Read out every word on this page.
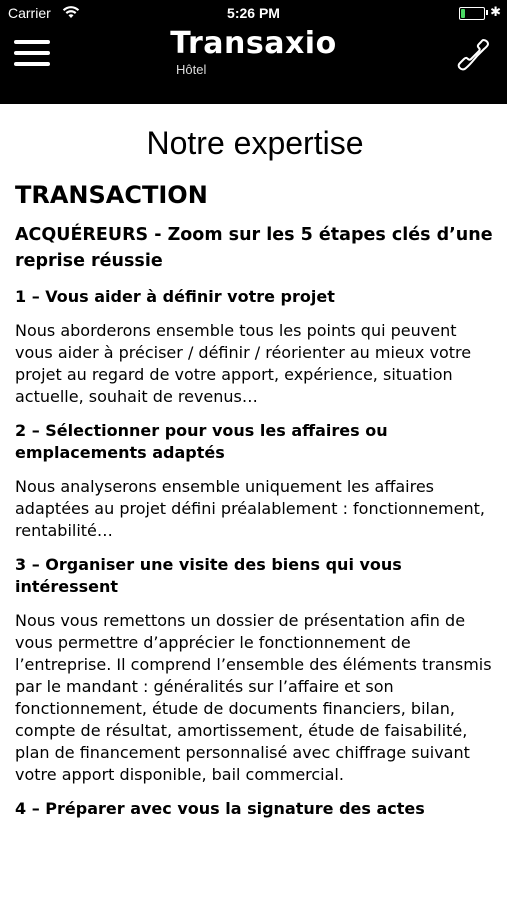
Carrier	5:26 PM	✱
Transaxio
Hôtel
Notre expertise
TRANSACTION
ACQUÉREURS - Zoom sur les 5 étapes clés d’une reprise réussie
1 – Vous aider à définir votre projet
Nous aborderons ensemble tous les points qui peuvent vous aider à préciser / définir / réorienter au mieux votre projet au regard de votre apport, expérience, situation actuelle, souhait de revenus…
2 – Sélectionner pour vous les affaires ou emplacements adaptés
Nous analyserons ensemble uniquement les affaires adaptées au projet défini préalablement : fonctionnement, rentabilité…
3 – Organiser une visite des biens qui vous intéressent
Nous vous remettons un dossier de présentation afin de vous permettre d’apprécier le fonctionnement de l’entreprise. Il comprend l’ensemble des éléments transmis par le mandant : généralités sur l’affaire et son fonctionnement, étude de documents financiers, bilan, compte de résultat, amortissement, étude de faisabilité, plan de financement personnalisé avec chiffrage suivant votre apport disponible, bail commercial.
4 – Préparer avec vous la signature des actes
